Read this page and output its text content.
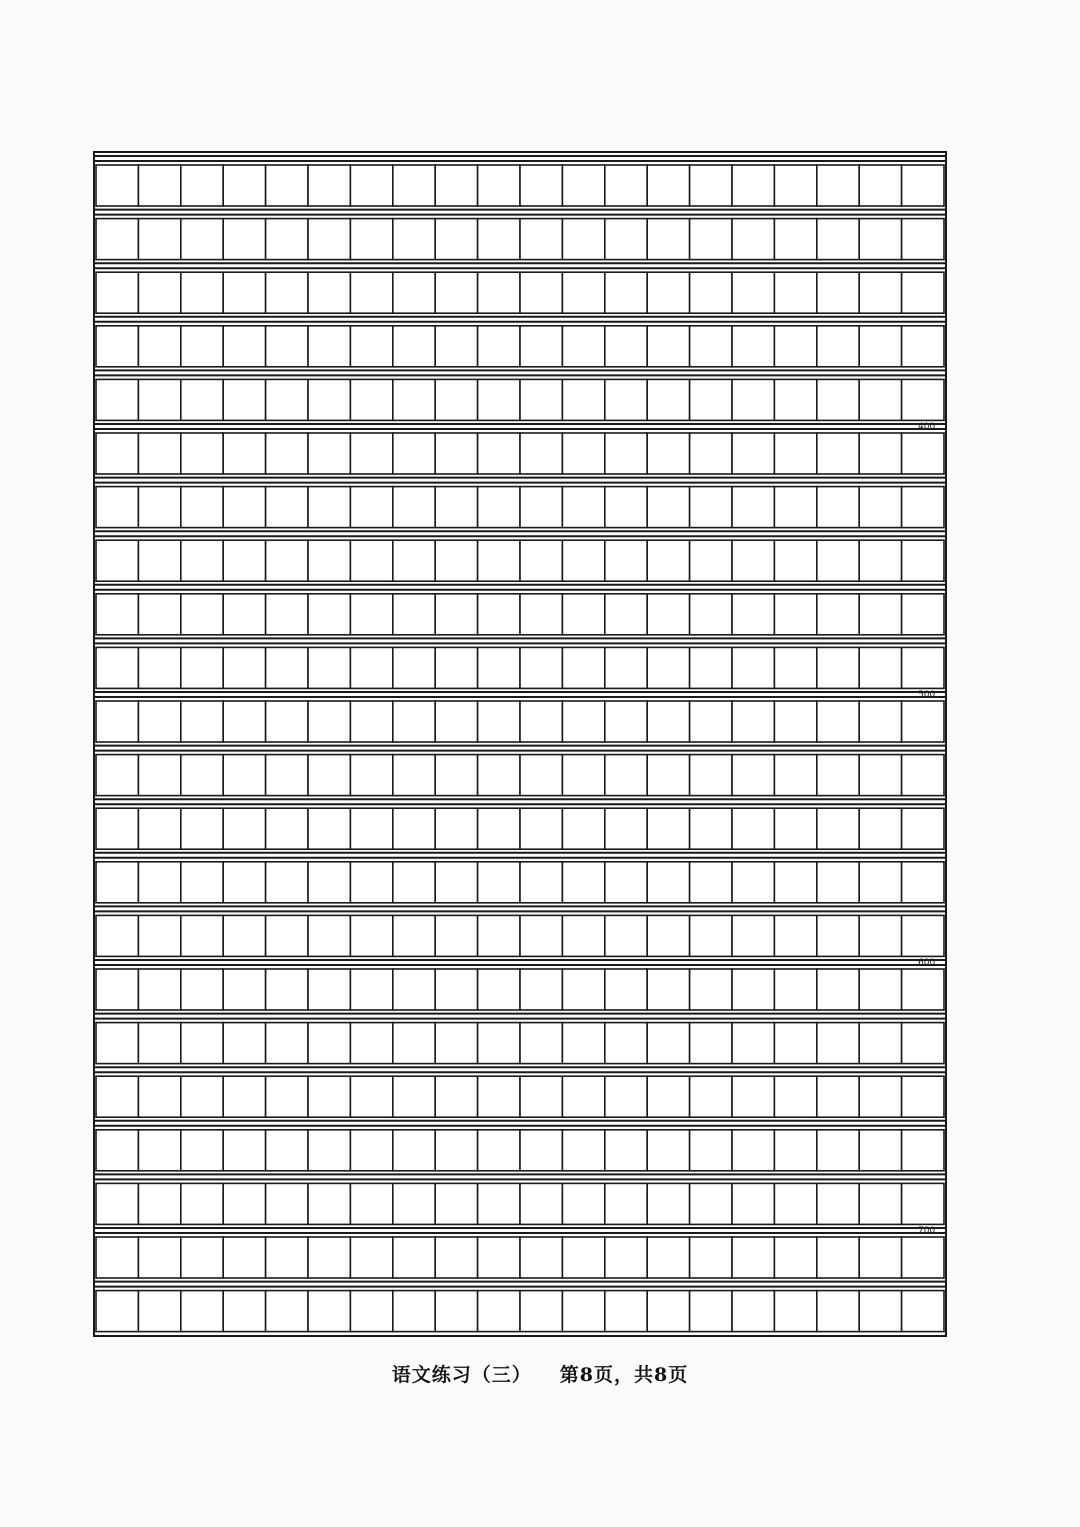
400
500
600
700
语文练习（三） 第8页，共8页
